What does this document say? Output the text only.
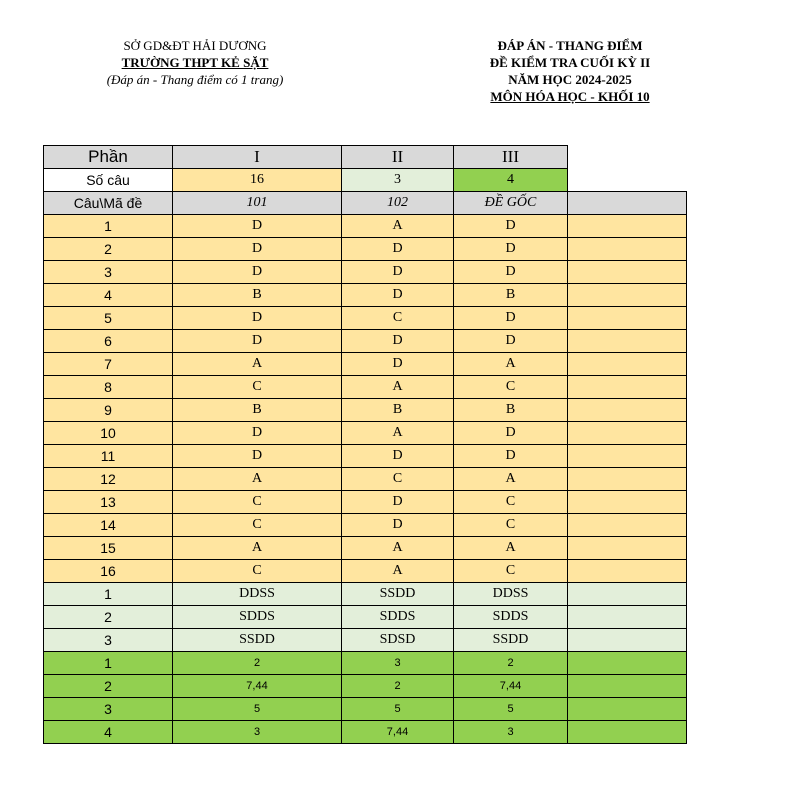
SỞ GD&ĐT HẢI DƯƠNG
TRƯỜNG THPT KẺ SẶT
(Đáp án - Thang điểm có 1 trang)
ĐÁP ÁN - THANG ĐIỂM
ĐỀ KIỂM TRA CUỐI KỲ II
NĂM HỌC 2024-2025
MÔN HÓA HỌC - KHỐI 10
Phần	I	II	III	
Số câu	16	3	4	
Câu\Mã đề	101	102	ĐỀ GỐC	
1	D	A	D	
2	D	D	D	
3	D	D	D	
4	B	D	B	
5	D	C	D	
6	D	D	D	
7	A	D	A	
8	C	A	C	
9	B	B	B	
10	D	A	D	
11	D	D	D	
12	A	C	A	
13	C	D	C	
14	C	D	C	
15	A	A	A	
16	C	A	C	
1	DDSS	SSDD	DDSS	
2	SDDS	SDDS	SDDS	
3	SSDD	SDSD	SSDD	
1	2	3	2	
2	7,44	2	7,44	
3	5	5	5	
4	3	7,44	3	
